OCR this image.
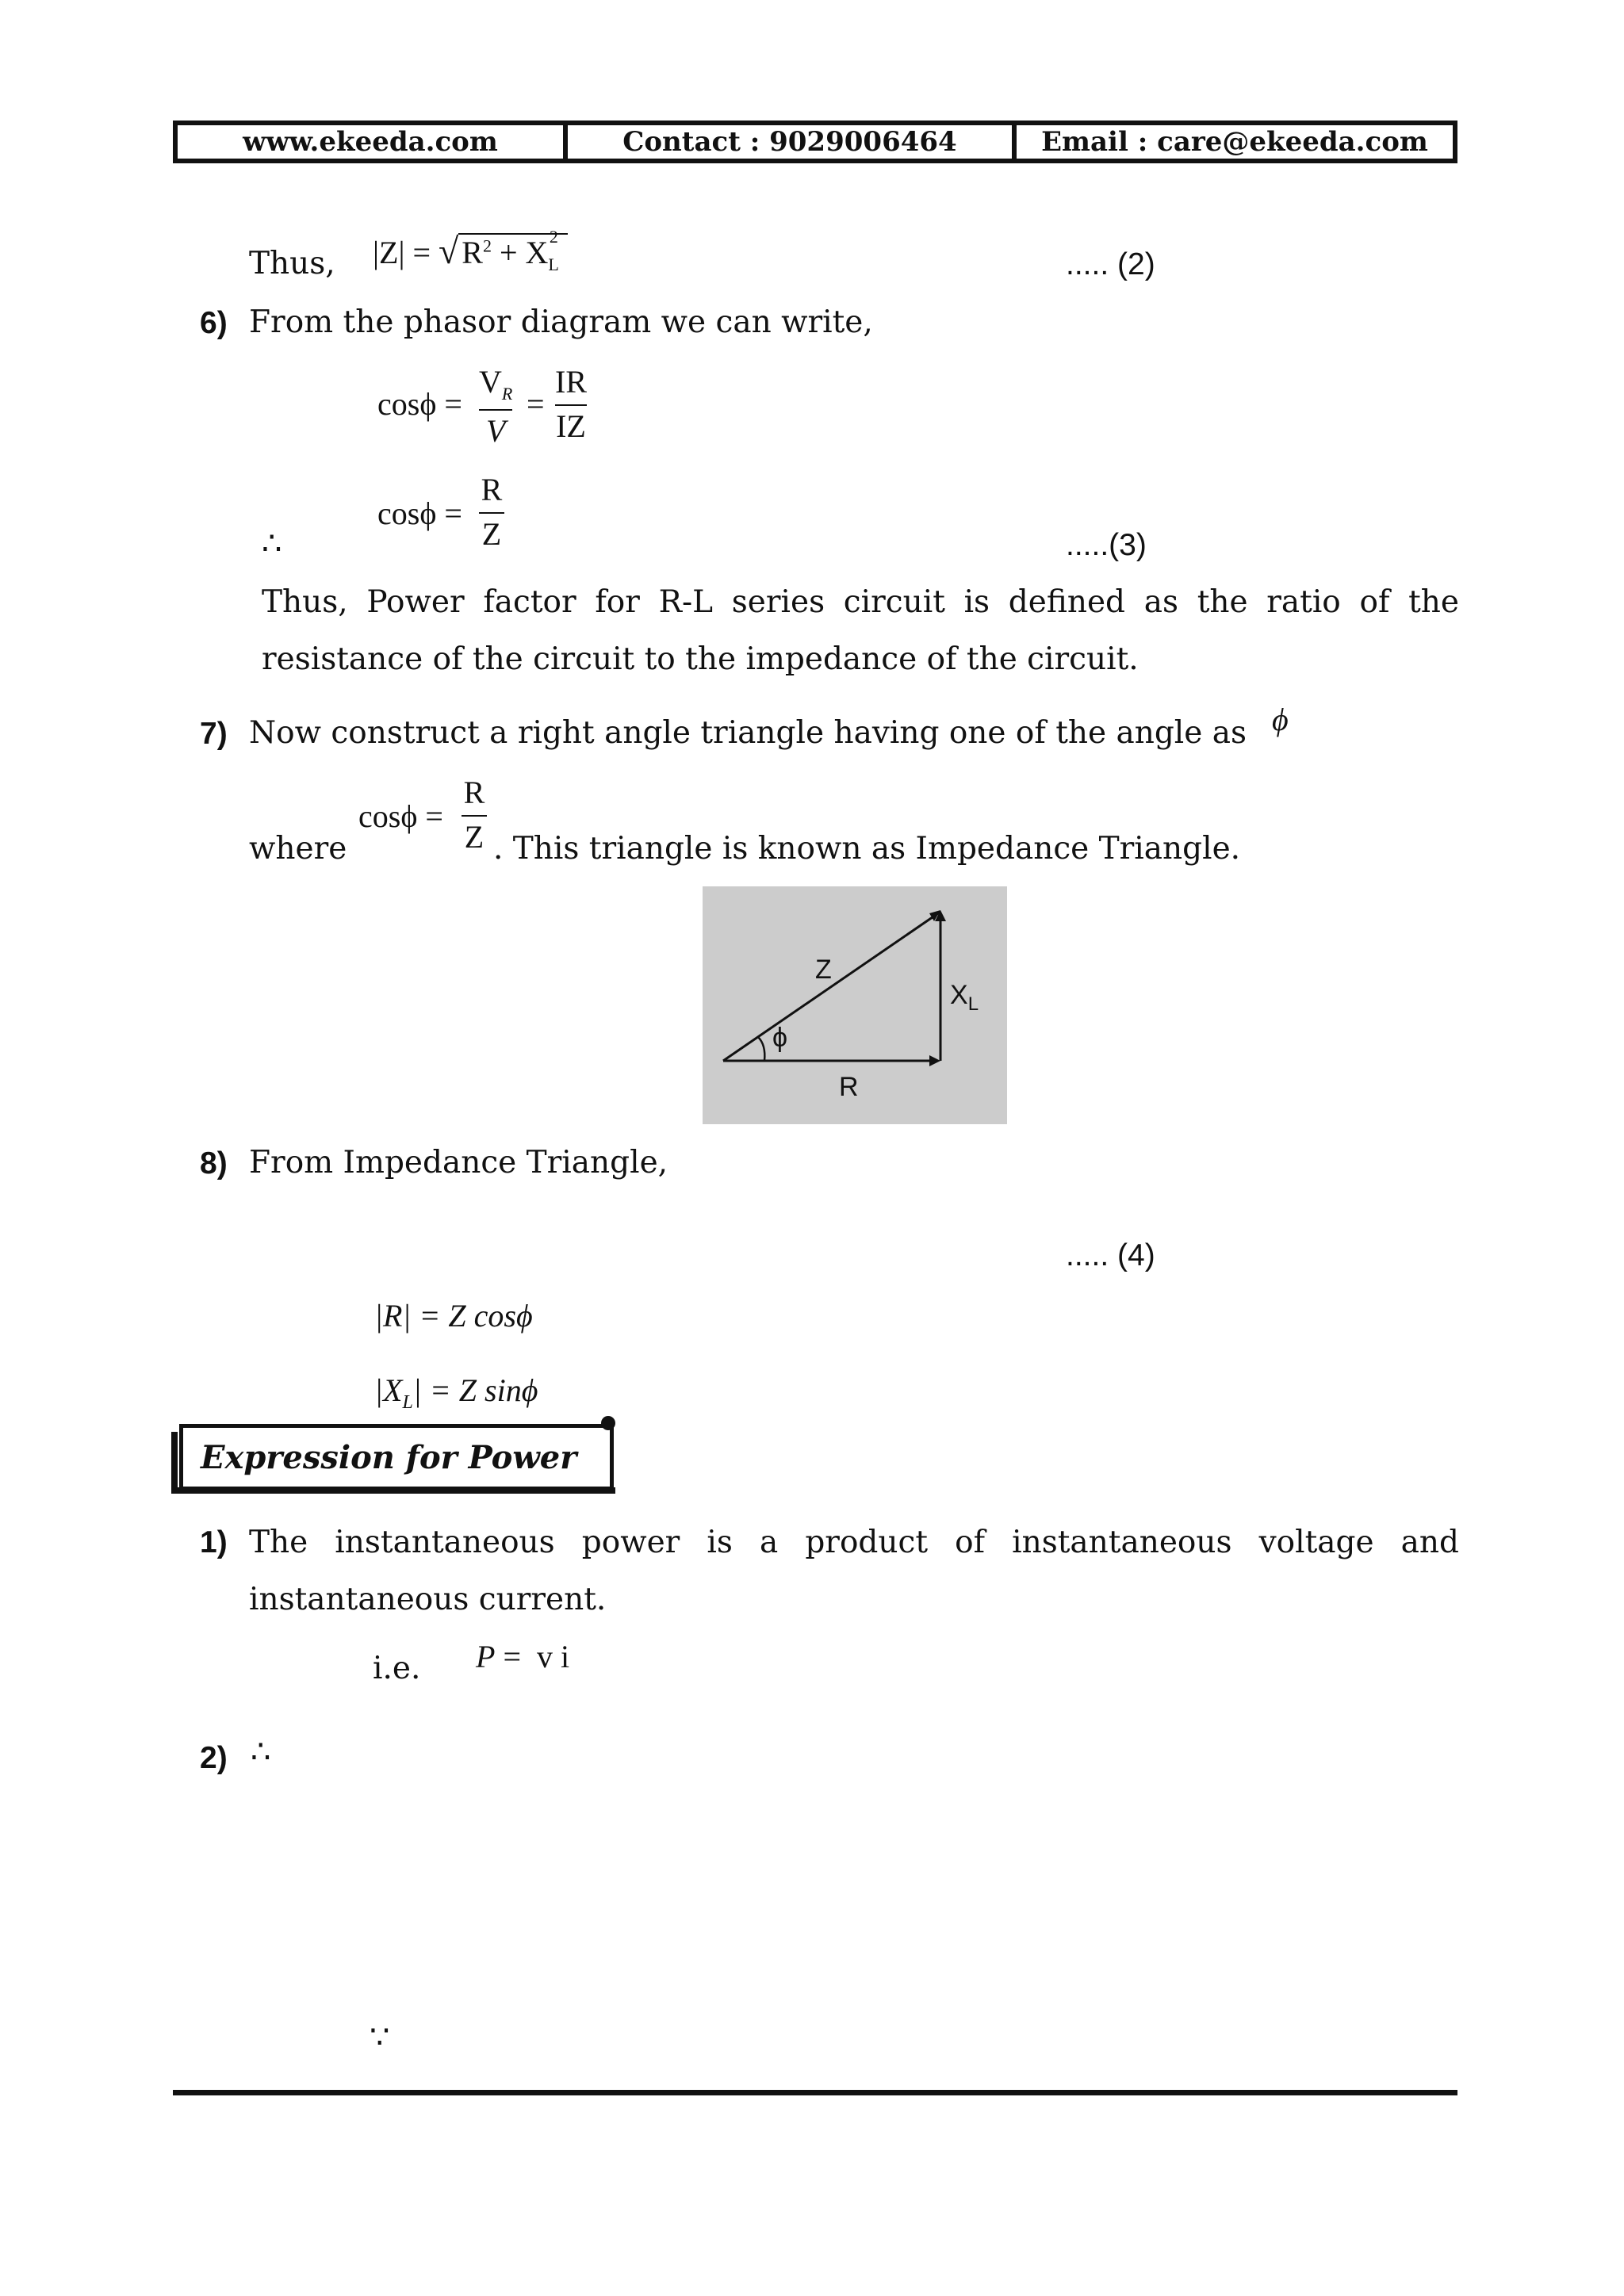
www.ekeeda.com	Contact : 9029006464	Email : care@ekeeda.com
Thus, |Z| = √ $R^2 + X_L^2$
..... (2)
6) From the phasor diagram we can write,
cosϕ =
$V_R$
V
=
IR
IZ
∴
cosϕ =
R
Z	.....(3)
Thus, Power factor for R-L series circuit is defined as the ratio of the resistance of the circuit to the impedance of the circuit.
7) Now construct a right angle triangle having one of the angle as ϕ
where
cosϕ =
R
Z . This triangle is known as Impedance Triangle.
Z
$X_L$
R
ϕ
8) From Impedance Triangle,
..... (4)
|R| = Z cosϕ
$|X_L| = Z$ sinϕ
Expression for Power
1) The instantaneous power is a product of instantaneous voltage and instantaneous current.
i.e. P =  v i
2) ∴
∵
